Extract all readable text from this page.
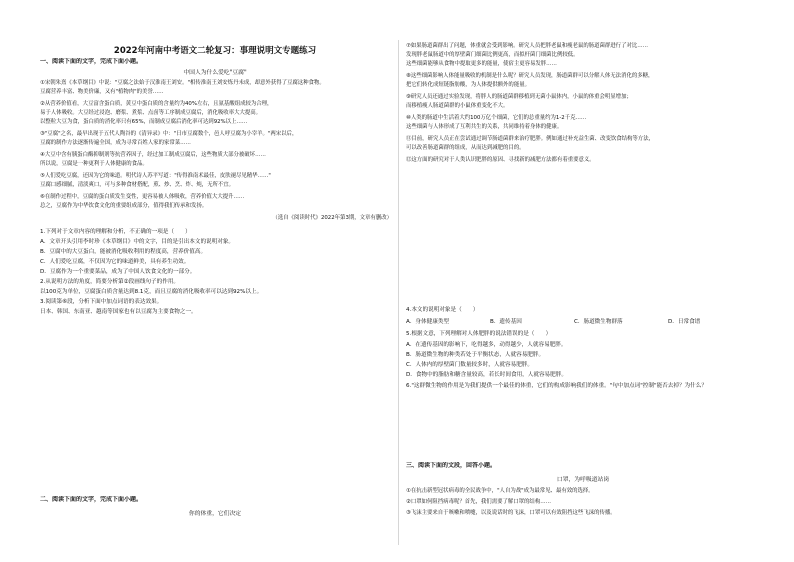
2022年河南中考语文二轮复习：事理说明文专题练习
一、阅读下面的文字，完成下面小题。
中国人为什么爱吃"豆腐"
①宋朝朱熹《本草纲目》中说："豆腐之法始于汉淮南王刘安。"相传淮南王刘安炼丹未成，却意外获得了豆腐这种食物。
豆腐营养丰富、物美价廉，又有"植物肉"的美誉……
②从营养价值看，大豆富含蛋白质，黄豆中蛋白质的含量约为40%左右，且氨基酸组成较为合理，
易于人体吸收。大豆经过浸泡、磨浆、煮浆、点卤等工序制成豆腐后，消化吸收率大大提高。
以整粒大豆为食，蛋白质的消化率只有65%，而制成豆腐后消化率可达到92%以上……
③"豆腐"之名，最早出现于五代人陶谷的《清异录》中："日市豆腐数个，邑人呼豆腐为小宰羊。"两宋以后，
豆腐的制作方法逐渐传遍全国，成为寻常百姓人家的家常菜……
④大豆中含有胰蛋白酶抑制剂等抗营养因子，经过加工制成豆腐后，这些物质大部分被破坏……
所以说，豆腐是一种更利于人体健康的食品。
⑤人们爱吃豆腐，还因为它的味道。明代诗人苏平写道："传得淮南术最佳，皮肤褪尽见精华……"
豆腐口感细腻，清淡爽口，可与多种食材搭配，煎、炒、烹、炸、炖，无所不宜。
⑥在制作过程中，豆腐的蛋白质发生变性，更容易被人体吸收，营养价值大大提升……
总之，豆腐作为中华饮食文化的重要组成部分，值得我们传承和发扬。
（选自《阅读时代》2022年第3期，文章有删改）
1.下列对于文章内容的理解和分析，不正确的一项是（　　）
A．文章开头引用李时珍《本草纲目》中的文字，目的是引出本文的说明对象。
B．豆腐中的大豆蛋白，能被消化吸收利用的程度高，营养价值高。
C．人们爱吃豆腐，不仅因为它的味道鲜美，具有养生功效。
D．豆腐作为一个重要菜品，成为了中国人饮食文化的一部分。
2.从说明方法的角度，简要分析第②段画线句子的作用。
以100克为单位，豆腐蛋白质含量达到8.1克，而且豆腐的消化吸收率可以达到92%以上。
3.阅读第⑥段，分析下面中加点词语的表达效果。
日本、韩国、东南亚、越南等国家也有以豆腐为主要食物之一。
二、阅读下面的文字，完成下面小题。
你的体重，它们决定
⑦如果肠道菌群出了问题，体重就会受到影响。研究人员把胖老鼠和瘦老鼠的肠道菌群进行了对比……
发现胖老鼠肠道中的厚壁菌门细菌比例更高，而拟杆菌门细菌比例较低。
这些细菌能够从食物中提取更多的能量，使宿主更容易发胖……
⑧这些细菌影响人体能量吸收的机制是什么呢？研究人员发现，肠道菌群可以分解人体无法消化的多糖，
把它们转化成短链脂肪酸，为人体提供额外的能量。
⑨研究人员还通过实验发现，将胖人的肠道菌群移植到无菌小鼠体内，小鼠的体重会明显增加；
而移植瘦人肠道菌群的小鼠体重变化不大。
⑩人类的肠道中生活着大约100万亿个细菌，它们的总重量约为1-2千克……
这些细菌与人体形成了互利共生的关系，共同维持着身体的健康。
⑪目前，研究人员正在尝试通过调节肠道菌群来治疗肥胖。例如通过补充益生菌、改变饮食结构等方法，
可以改善肠道菌群的组成，从而达到减肥的目的。
⑫这方面的研究对于人类认识肥胖的原因、寻找新的减肥方法都有着重要意义。
4.本文的说明对象是（　　）
A．身体健康类型	B．遗传基因	C．肠道微生物群落	D．日常食谱
5.根据文意，下列理解对人体肥胖的说法错误的是（　　）
A．在遗传基因的影响下，吃得越多，动得越少，人就容易肥胖。
B．肠道微生物的种类若处于平衡状态，人就容易肥胖。
C．人体内的厚壁菌门数量较多时，人就容易肥胖。
D．食物中的脂肪和糖含量较高，若长时间食用，人就容易肥胖。
6."这群微生物的作用是为我们提供一个最佳的体重，它们的构成影响我们的体重。"句中加点词"控制"能否去掉？为什么？
三、阅读下面的文段，回答小题。
口罩，为呼吸道站岗
①在抗击新型冠状病毒的全民战争中，"人自为战"成为最常见、最有效的选择。
②口罩如何阻挡病毒呢？首先，我们需要了解口罩的结构……
③飞沫主要来自于咳嗽和喷嚏，以及说话时的飞沫，口罩可以有效阻挡这些飞沫的传播。
